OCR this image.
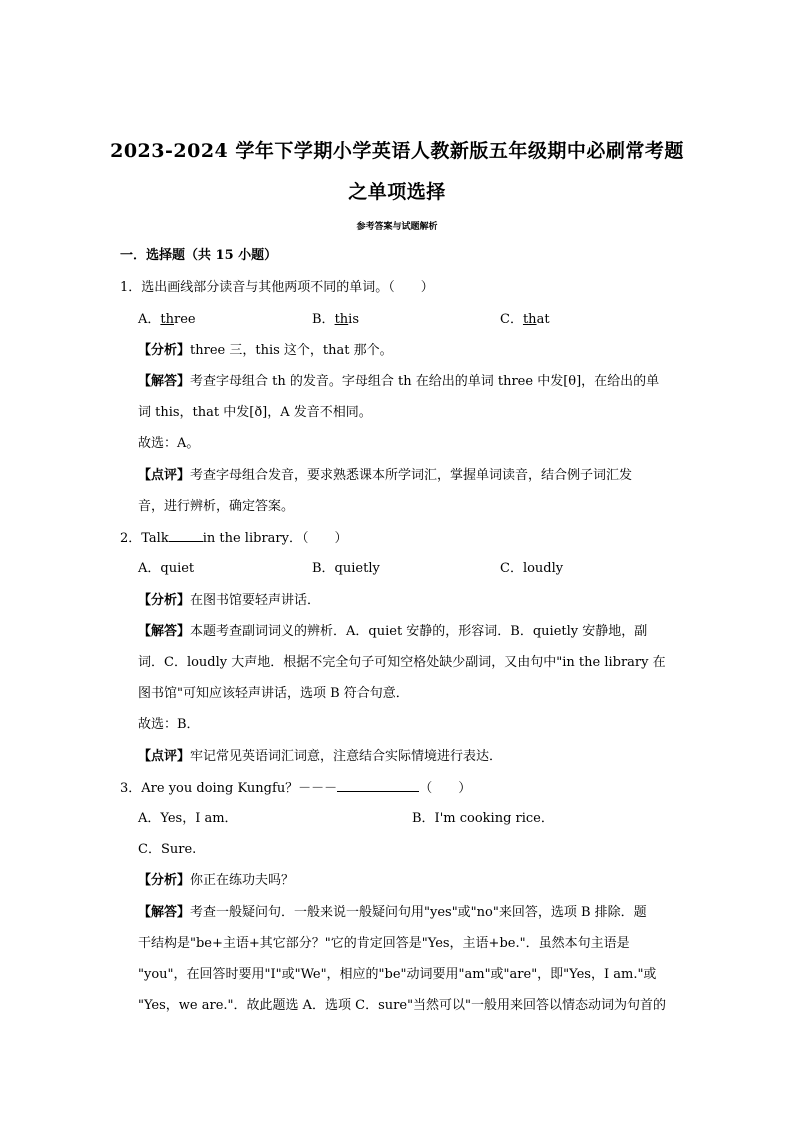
2023-2024 学年下学期小学英语人教新版五年级期中必刷常考题
之单项选择
参考答案与试题解析
一．选择题（共 15 小题）
1．选出画线部分读音与其他两项不同的单词。（　　）
A．three	B．this	C．that
【分析】three 三，this 这个，that 那个。
【解答】考查字母组合 th 的发音。字母组合 th 在给出的单词 three 中发[θ]，在给出的单
词 this，that 中发[ð]，A 发音不相同。
故选：A。
【点评】考查字母组合发音，要求熟悉课本所学词汇，掌握单词读音，结合例子词汇发
音，进行辨析，确定答案。
2．Talk	in the library．（　　）
A．quiet	B．quietly	C．loudly
【分析】在图书馆要轻声讲话．
【解答】本题考查副词词义的辨析．A．quiet 安静的，形容词．B．quietly 安静地，副
词．C．loudly 大声地．根据不完全句子可知空格处缺少副词，又由句中"in the library 在
图书馆"可知应该轻声讲话，选项 B 符合句意．
故选：B．
【点评】牢记常见英语词汇词意，注意结合实际情境进行表达．
3．Are you doing Kungfu？－－－	（　　）
A．Yes，I am．	B．I'm cooking rice．
C．Sure.
【分析】你正在练功夫吗？
【解答】考查一般疑问句．一般来说一般疑问句用"yes"或"no"来回答，选项 B 排除．题
干结构是"be+主语+其它部分？"它的肯定回答是"Yes，主语+be."．虽然本句主语是
"you"，在回答时要用"I"或"We"，相应的"be"动词要用"am"或"are"，即"Yes，I am."或
"Yes，we are."．故此题选 A．选项 C．sure"当然可以"一般用来回答以情态动词为句首的
